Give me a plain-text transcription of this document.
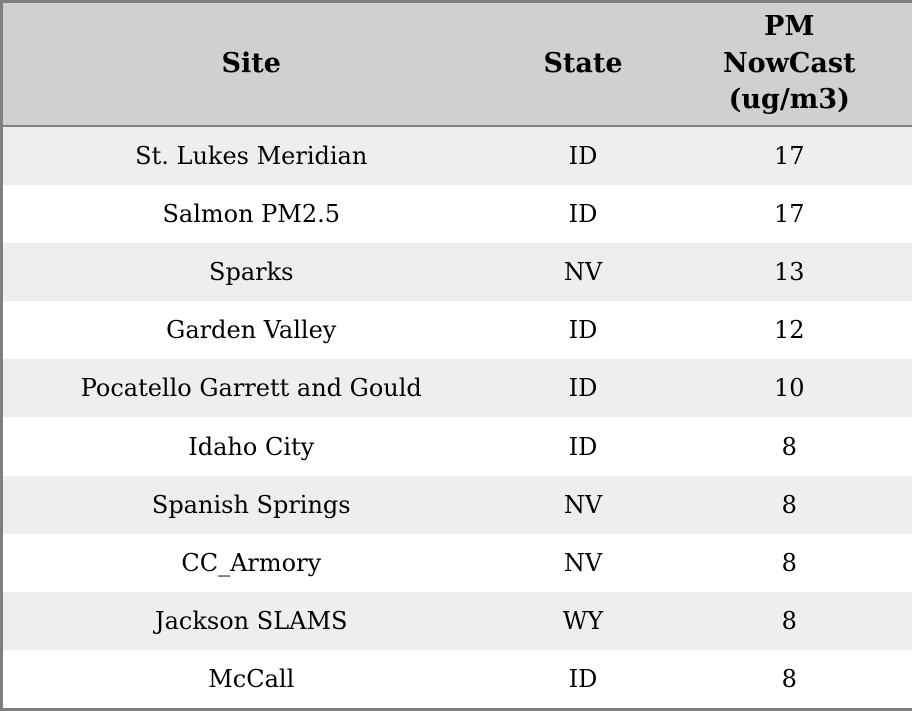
Site	State	PM NowCast (ug/m3)
St. Lukes Meridian	ID	17
Salmon PM2.5	ID	17
Sparks	NV	13
Garden Valley	ID	12
Pocatello Garrett and Gould	ID	10
Idaho City	ID	8
Spanish Springs	NV	8
CC_Armory	NV	8
Jackson SLAMS	WY	8
McCall	ID	8
